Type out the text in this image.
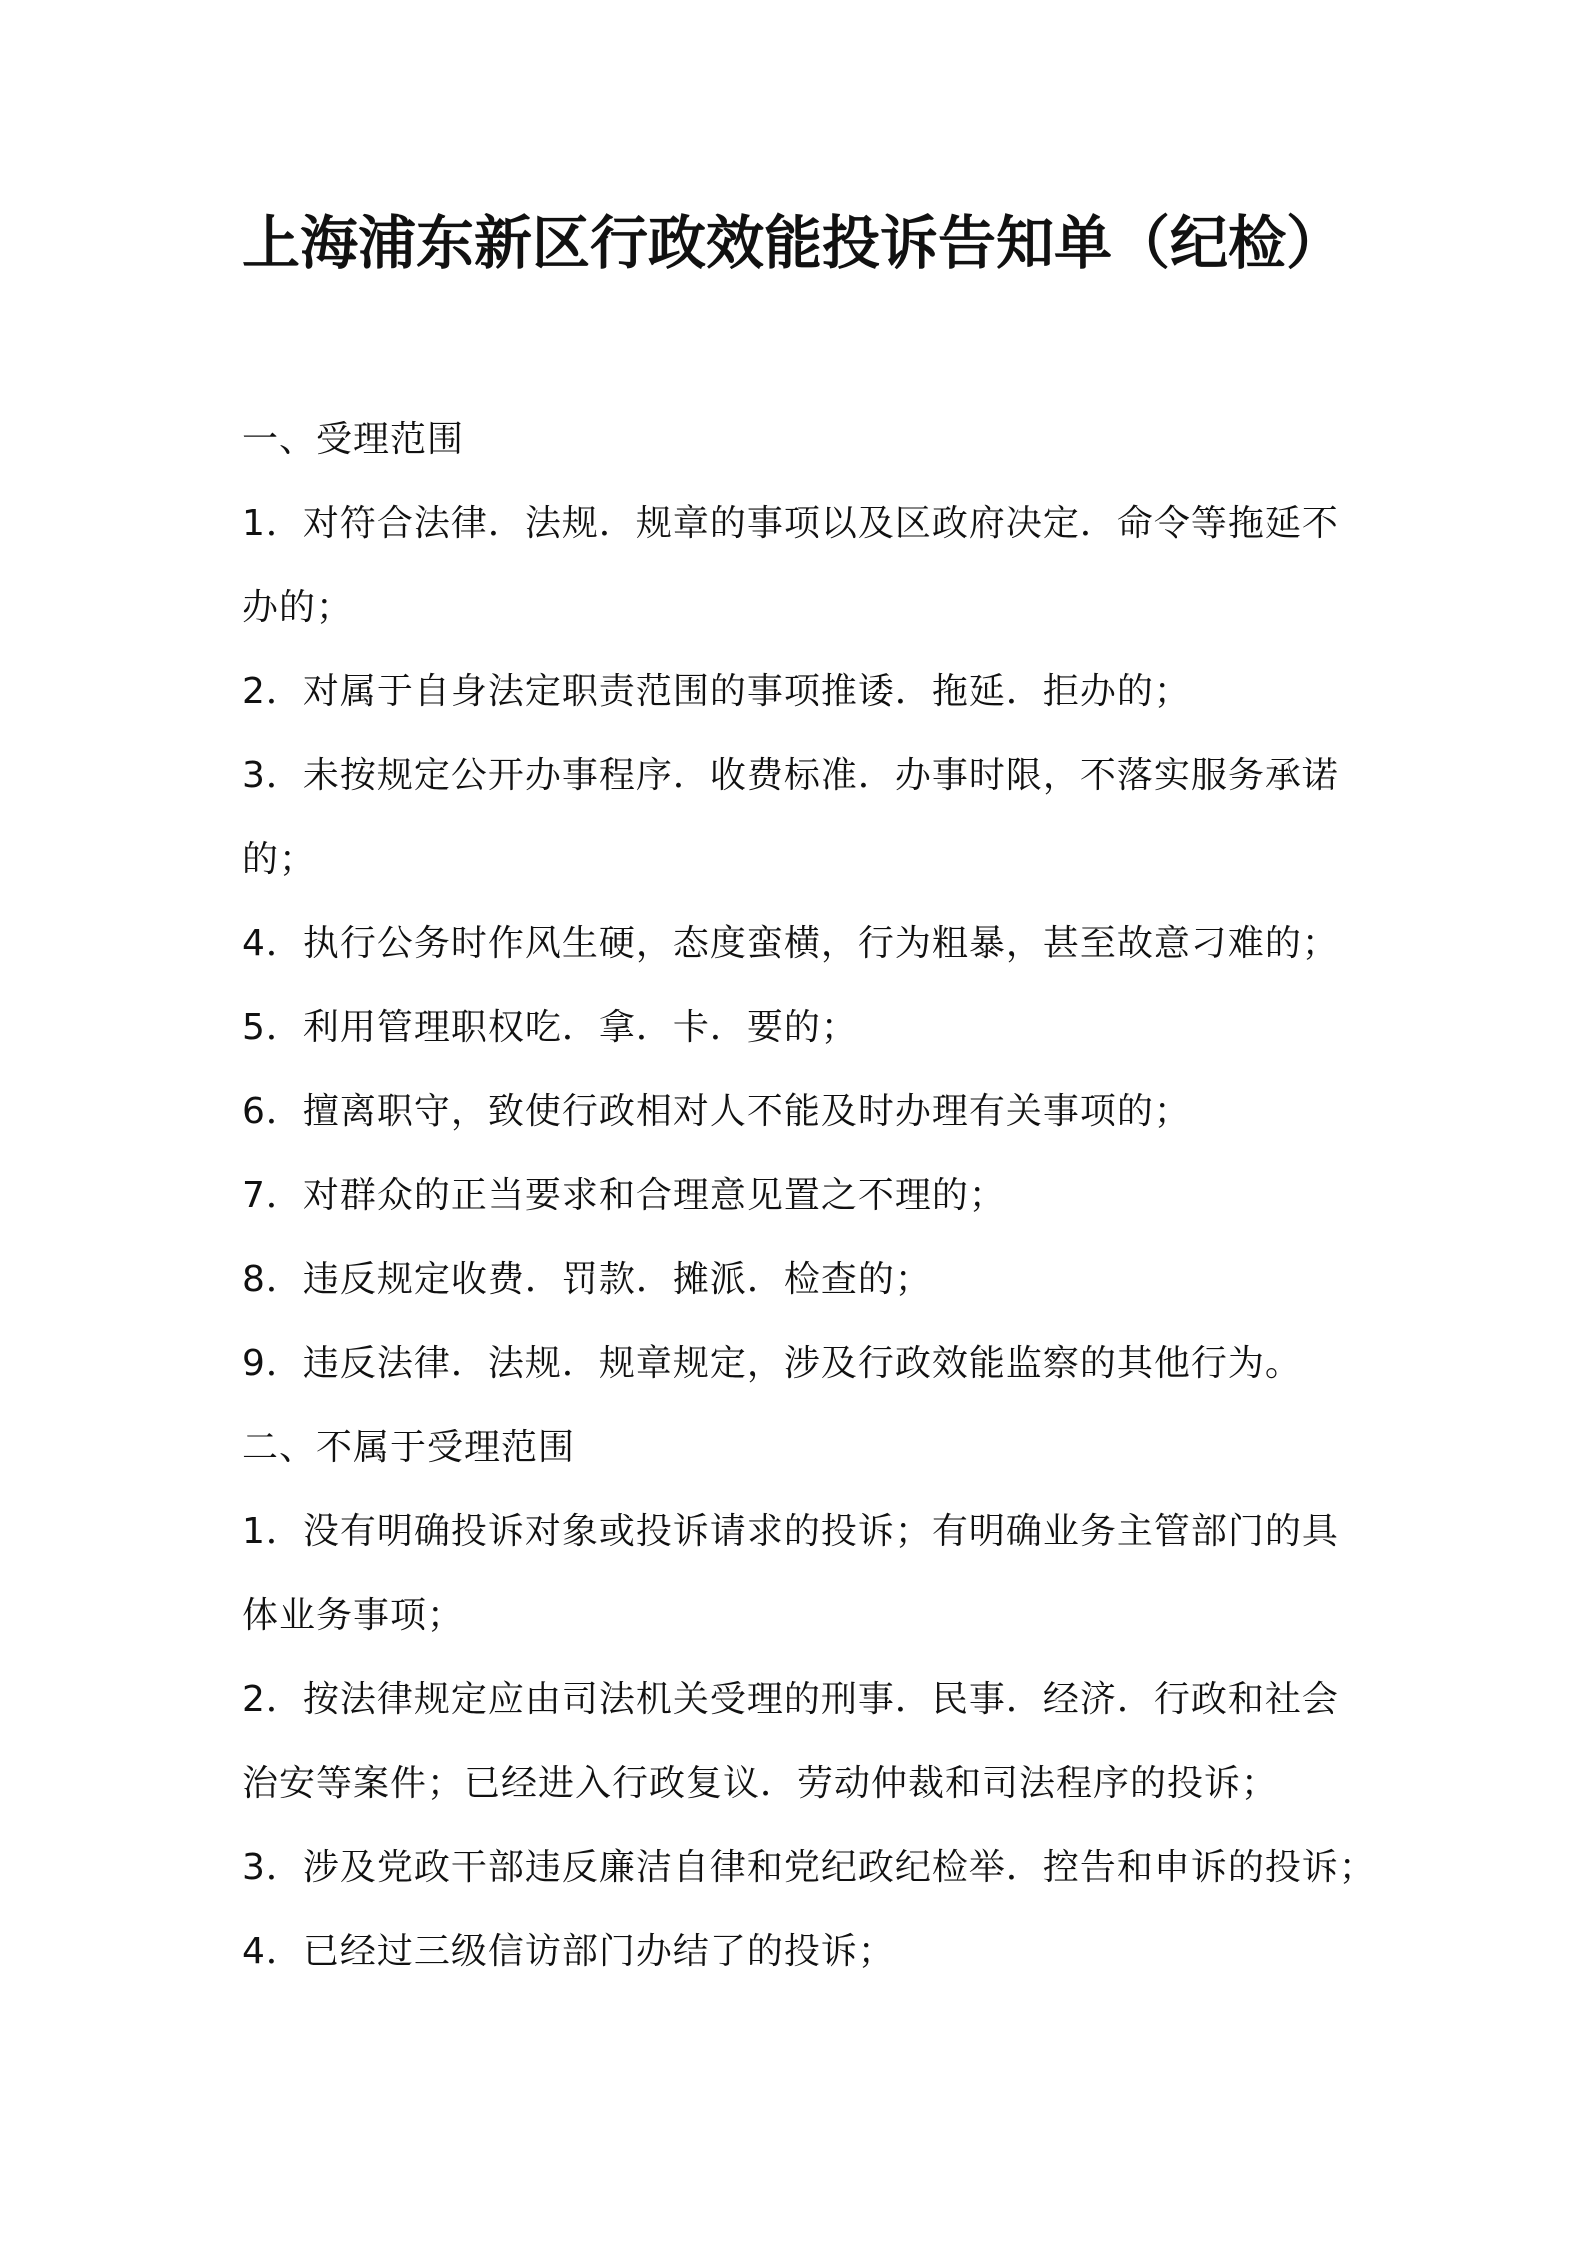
上海浦东新区行政效能投诉告知单（纪检）

一、受理范围

1．对符合法律．法规．规章的事项以及区政府决定．命令等拖延不

办的；

2．对属于自身法定职责范围的事项推诿．拖延．拒办的；

3．未按规定公开办事程序．收费标准．办事时限，不落实服务承诺

的；

4．执行公务时作风生硬，态度蛮横，行为粗暴，甚至故意刁难的；

5．利用管理职权吃．拿．卡．要的；

6．擅离职守，致使行政相对人不能及时办理有关事项的；

7．对群众的正当要求和合理意见置之不理的；

8．违反规定收费．罚款．摊派．检查的；

9．违反法律．法规．规章规定，涉及行政效能监察的其他行为。

二、不属于受理范围

1．没有明确投诉对象或投诉请求的投诉；有明确业务主管部门的具

体业务事项；

2．按法律规定应由司法机关受理的刑事．民事．经济．行政和社会

治安等案件；已经进入行政复议．劳动仲裁和司法程序的投诉；

3．涉及党政干部违反廉洁自律和党纪政纪检举．控告和申诉的投诉；

4．已经过三级信访部门办结了的投诉；
